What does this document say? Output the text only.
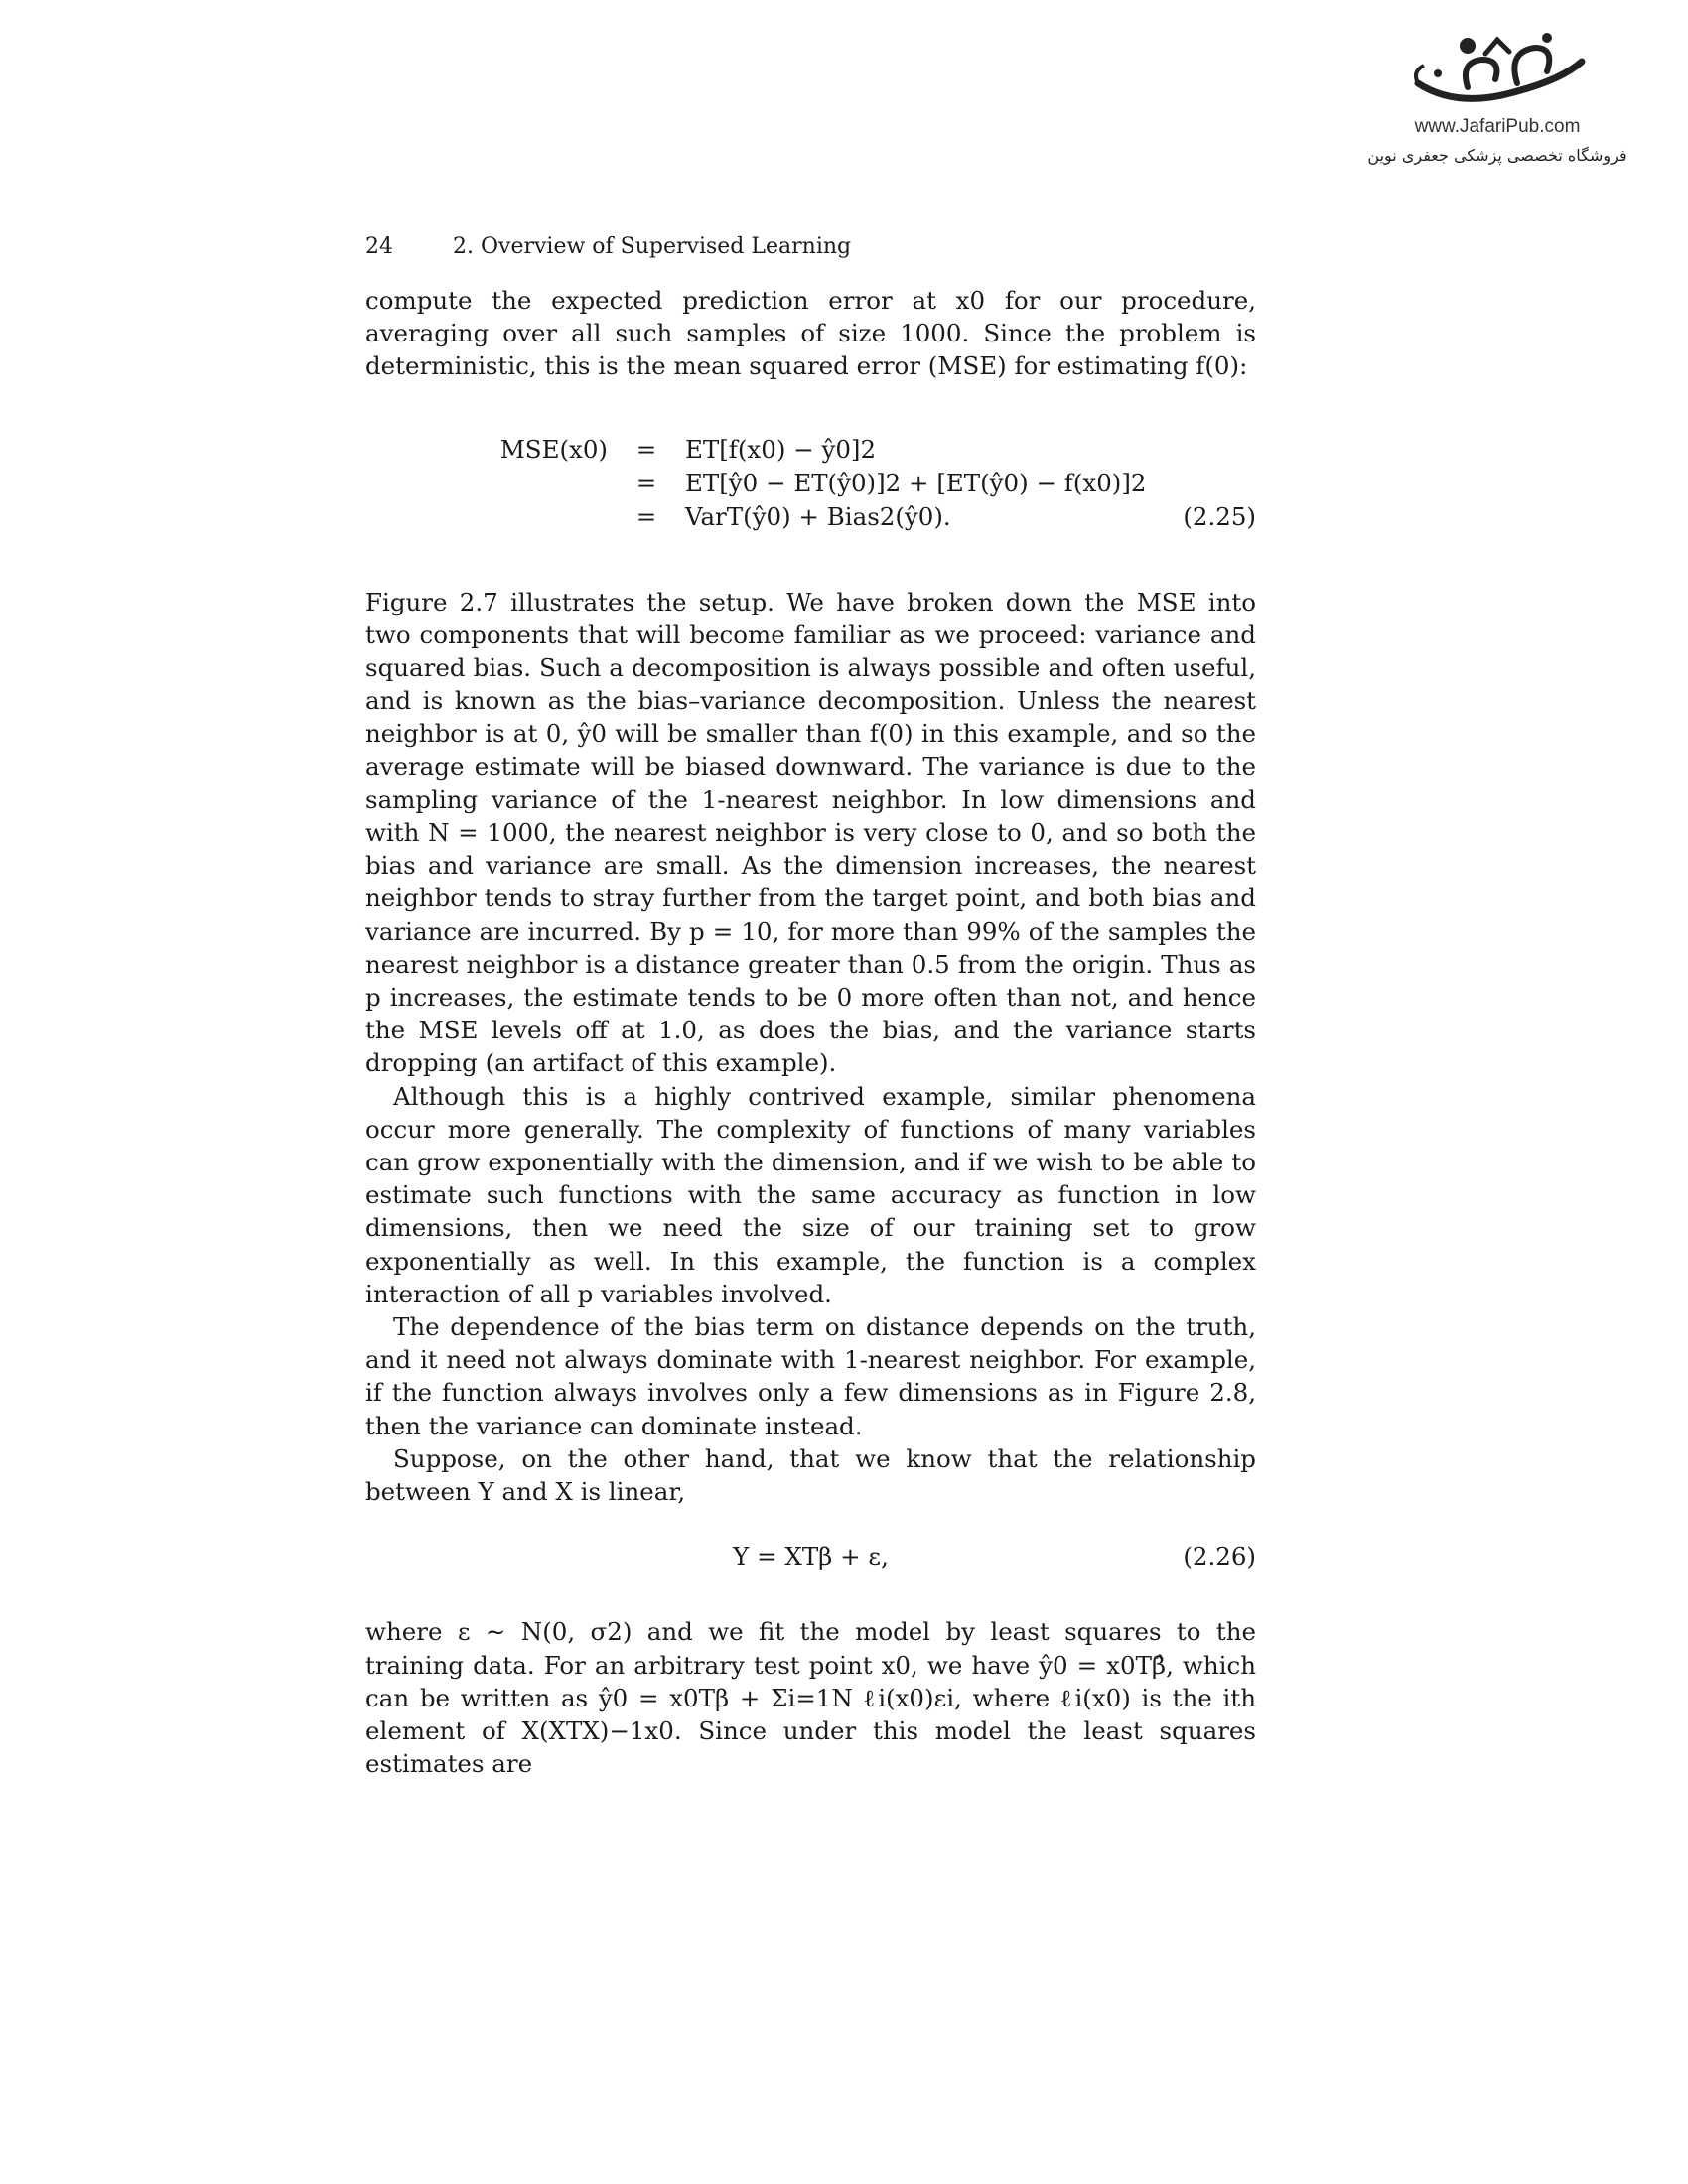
www.JafariPub.com
فروشگاه تخصصی پزشکی جعفری نوین
24	2. Overview of Supervised Learning

compute the expected prediction error at x0 for our procedure, averaging over all such samples of size 1000. Since the problem is deterministic, this is the mean squared error (MSE) for estimating f(0):

MSE(x0)	=	ET[f(x0) − ŷ0]2
=	ET[ŷ0 − ET(ŷ0)]2 + [ET(ŷ0) − f(x0)]2
=	VarT(ŷ0) + Bias2(ŷ0).	(2.25)

Figure 2.7 illustrates the setup. We have broken down the MSE into two components that will become familiar as we proceed: variance and squared bias. Such a decomposition is always possible and often useful, and is known as the bias–variance decomposition. Unless the nearest neighbor is at 0, ŷ0 will be smaller than f(0) in this example, and so the average estimate will be biased downward. The variance is due to the sampling variance of the 1-nearest neighbor. In low dimensions and with N = 1000, the nearest neighbor is very close to 0, and so both the bias and variance are small. As the dimension increases, the nearest neighbor tends to stray further from the target point, and both bias and variance are incurred. By p = 10, for more than 99% of the samples the nearest neighbor is a distance greater than 0.5 from the origin. Thus as p increases, the estimate tends to be 0 more often than not, and hence the MSE levels off at 1.0, as does the bias, and the variance starts dropping (an artifact of this example).

Although this is a highly contrived example, similar phenomena occur more generally. The complexity of functions of many variables can grow exponentially with the dimension, and if we wish to be able to estimate such functions with the same accuracy as function in low dimensions, then we need the size of our training set to grow exponentially as well. In this example, the function is a complex interaction of all p variables involved.

The dependence of the bias term on distance depends on the truth, and it need not always dominate with 1-nearest neighbor. For example, if the function always involves only a few dimensions as in Figure 2.8, then the variance can dominate instead.

Suppose, on the other hand, that we know that the relationship between Y and X is linear,

Y = XTβ + ε,	(2.26)

where ε ∼ N(0, σ2) and we fit the model by least squares to the training data. For an arbitrary test point x0, we have ŷ0 = x0Tβ̂, which can be written as ŷ0 = x0Tβ + Σi=1N ℓi(x0)εi, where ℓi(x0) is the ith element of X(XTX)−1x0. Since under this model the least squares estimates are
